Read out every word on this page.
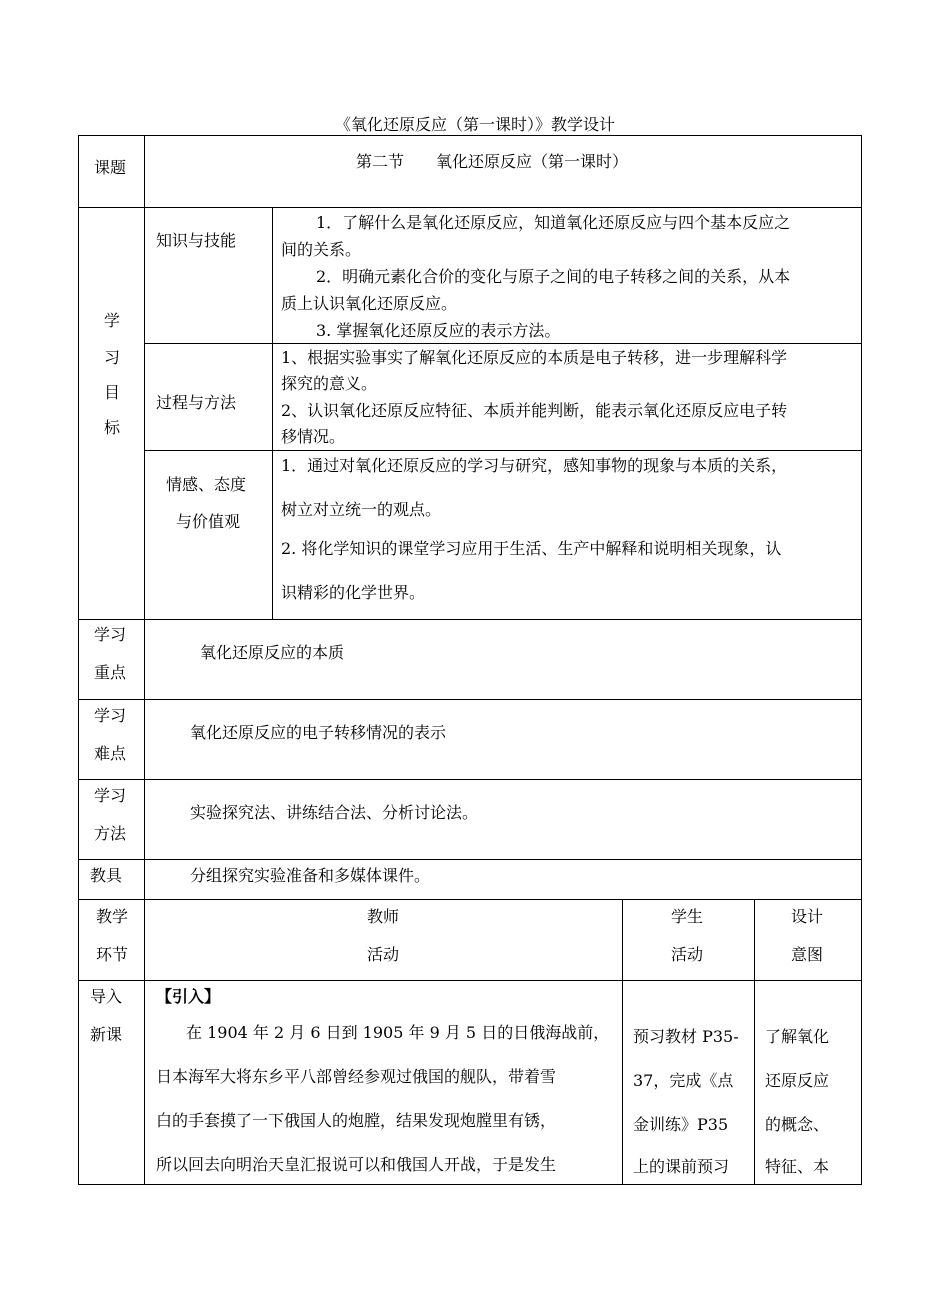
《氧化还原反应（第一课时）》教学设计
课题	第二节　　氧化还原反应（第一课时）
学
习
目
标
知识与技能
1．了解什么是氧化还原反应，知道氧化还原反应与四个基本反应之
间的关系。
2．明确元素化合价的变化与原子之间的电子转移之间的关系，从本
质上认识氧化还原反应。
3. 掌握氧化还原反应的表示方法。
过程与方法
1、根据实验事实了解氧化还原反应的本质是电子转移，进一步理解科学
探究的意义。
2、认识氧化还原反应特征、本质并能判断，能表示氧化还原反应电子转
移情况。
情感、态度
与价值观
1．通过对氧化还原反应的学习与研究，感知事物的现象与本质的关系，
树立对立统一的观点。
2. 将化学知识的课堂学习应用于生活、生产中解释和说明相关现象，认
识精彩的化学世界。
学习
重点
氧化还原反应的本质
学习
难点
氧化还原反应的电子转移情况的表示
学习
方法
实验探究法、讲练结合法、分析讨论法。
教具	分组探究实验准备和多媒体课件。
教学
环节
教师
活动
学生
活动
设计
意图
导入
新课
【引入】
在 1904 年 2 月 6 日到 1905 年 9 月 5 日的日俄海战前，
日本海军大将东乡平八部曾经参观过俄国的舰队，带着雪
白的手套摸了一下俄国人的炮膛，结果发现炮膛里有锈，
所以回去向明治天皇汇报说可以和俄国人开战，于是发生
预习教材 P35-
37，完成《点
金训练》P35
上的课前预习
了解氧化
还原反应
的概念、
特征、本
